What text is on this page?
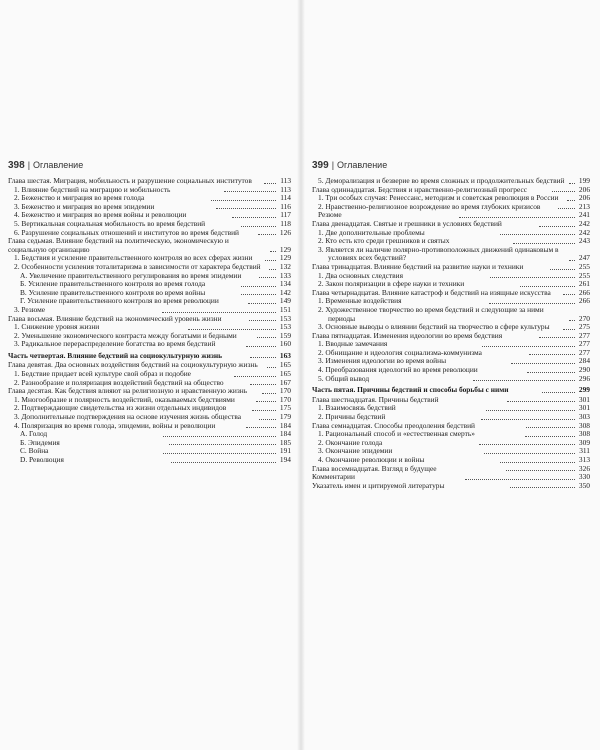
398 | Оглавление
Глава шестая. Миграция, мобильность и разрушение социальных институтов	113
1. Влияние бедствий на миграцию и мобильность	113
2. Беженство и миграция во время голода	114
3. Беженство и миграция во время эпидемии	116
4. Беженство и миграция во время войны и революции	117
5. Вертикальная социальная мобильность во время бедствий	118
6. Разрушение социальных отношений и институтов во время бедствий	126
Глава седьмая. Влияние бедствий на политическую, экономическую и социальную организацию	129
1. Бедствия и усиление правительственного контроля во всех сферах жизни	129
2. Особенности усиления тоталитаризма в зависимости от характера бедствий	132
А. Увеличение правительственного регулирования во время эпидемии	133
Б. Усиление правительственного контроля во время голода	134
В. Усиление правительственного контроля во время войны	142
Г. Усиление правительственного контроля во время революции	149
3. Резюме	151
Глава восьмая. Влияние бедствий на экономический уровень жизни	153
1. Снижение уровня жизни	153
2. Уменьшение экономического контраста между богатыми и бедными	159
3. Радикальное перераспределение богатства во время бедствий	160
Часть четвертая. Влияние бедствий на социокультурную жизнь	163
Глава девятая. Два основных воздействия бедствий на социокультурную жизнь	165
1. Бедствие придает всей культуре свой образ и подобие	165
2. Разнообразие и поляризация воздействий бедствий на общество	167
Глава десятая. Как бедствия влияют на религиозную и нравственную жизнь	170
1. Многообразие и полярность воздействий, оказываемых бедствиями	170
2. Подтверждающие свидетельства из жизни отдельных индивидов	175
3. Дополнительные подтверждения на основе изучения жизнь общества	179
4. Поляризация во время голода, эпидемии, войны и революции	184
А. Голод	184
Б. Эпидемия	185
С. Война	191
D. Революция	194
399 | Оглавление
5. Деморализация и безверие во время сложных и продолжительных бедствий	199
Глава одиннадцатая. Бедствия и нравственно-религиозный прогресс	206
1. Три особых случая: Ренессанс, методизм и советская революция в России	206
2. Нравственно-религиозное возрождение во время глубоких кризисов	213
Резюме	241
Глава двенадцатая. Святые и грешники в условиях бедствий	242
1. Две дополнительные проблемы	242
2. Кто есть кто среди грешников и святых	243
3. Является ли наличие полярно-противоположных движений одинаковым в условиях всех бедствий?	247
Глава тринадцатая. Влияние бедствий на развитие науки и техники	255
1. Два основных следствия	255
2. Закон поляризации в сфере науки и техники	261
Глава четырнадцатая. Влияние катастроф и бедствий на изящные искусства	266
1. Временные воздействия	266
2. Художественное творчество во время бедствий и следующие за ними периоды	270
3. Основные выводы о влиянии бедствий на творчество в сфере культуры	275
Глава пятнадцатая. Изменения идеологии во время бедствия	277
1. Вводные замечания	277
2. Обнищание и идеология социализма-коммунизма	277
3. Изменения идеологии во время войны	284
4. Преобразования идеологий во время революции	290
5. Общий вывод	296
Часть пятая. Причины бедствий и способы борьбы с ними	299
Глава шестнадцатая. Причины бедствий	301
1. Взаимосвязь бедствий	301
2. Причины бедствий	303
Глава семнадцатая. Способы преодоления бедствий	308
1. Рациональный способ и «естественная смерть»	308
2. Окончание голода	309
3. Окончание эпидемии	311
4. Окончание революции и войны	313
Глава восемнадцатая. Взгляд в будущее	326
Комментарии	330
Указатель имен и цитируемой литературы	350
